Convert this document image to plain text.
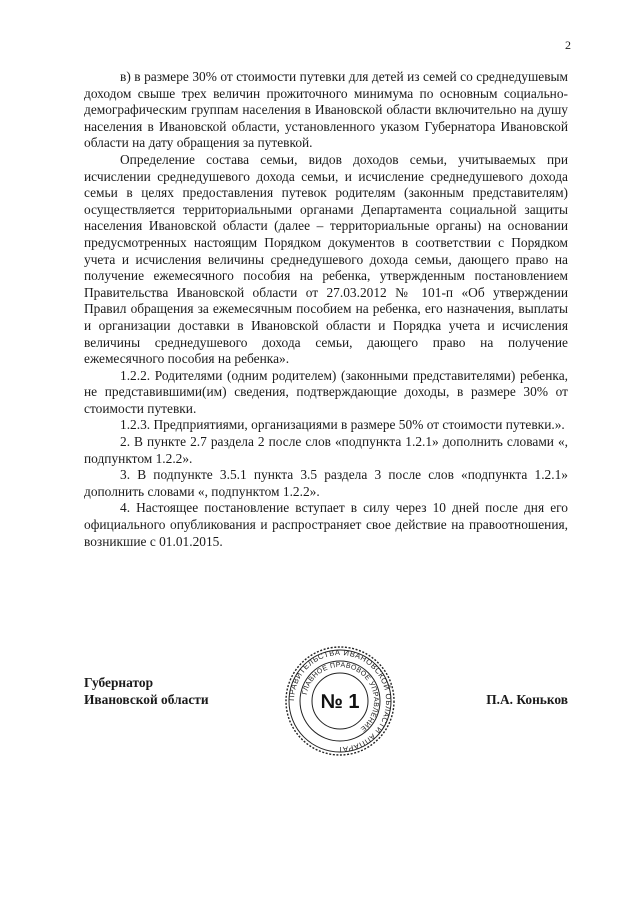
2

в) в размере 30% от стоимости путевки для детей из семей со среднедушевым доходом свыше трех величин прожиточного минимума по основным социально-демографическим группам населения в Ивановской области включительно на душу населения в Ивановской области, установленного указом Губернатора Ивановской области на дату обращения за путевкой.

Определение состава семьи, видов доходов семьи, учитываемых при исчислении среднедушевого дохода семьи, и исчисление среднедушевого дохода семьи в целях предоставления путевок родителям (законным представителям) осуществляется территориальными органами Департамента социальной защиты населения Ивановской области (далее – территориальные органы) на основании предусмотренных настоящим Порядком документов в соответствии с Порядком учета и исчисления величины среднедушевого дохода семьи, дающего право на получение ежемесячного пособия на ребенка, утвержденным постановлением Правительства Ивановской области от 27.03.2012 № 101-п «Об утверждении Правил обращения за ежемесячным пособием на ребенка, его назначения, выплаты и организации доставки в Ивановской области и Порядка учета и исчисления величины среднедушевого дохода семьи, дающего право на получение ежемесячного пособия на ребенка».

1.2.2. Родителями (одним родителем) (законными представителями) ребенка, не представившими(им) сведения, подтверждающие доходы, в размере 30% от стоимости путевки.

1.2.3. Предприятиями, организациями в размере 50% от стоимости путевки.».

2. В пункте 2.7 раздела 2 после слов «подпункта 1.2.1» дополнить словами «, подпунктом 1.2.2».

3. В подпункте 3.5.1 пункта 3.5 раздела 3 после слов «подпункта 1.2.1» дополнить словами «, подпунктом 1.2.2».

4. Настоящее постановление вступает в силу через 10 дней после дня его официального опубликования и распространяет свое действие на правоотношения, возникшие с 01.01.2015.

Губернатор
Ивановской области	ПРАВИТЕЛЬСТВА ИВАНОВСКОЙ ОБЛАСТИ АППАРАТ
ГЛАВНОЕ ПРАВОВОЕ УПРАВЛЕНИЕ
№ 1	П.А. Коньков
